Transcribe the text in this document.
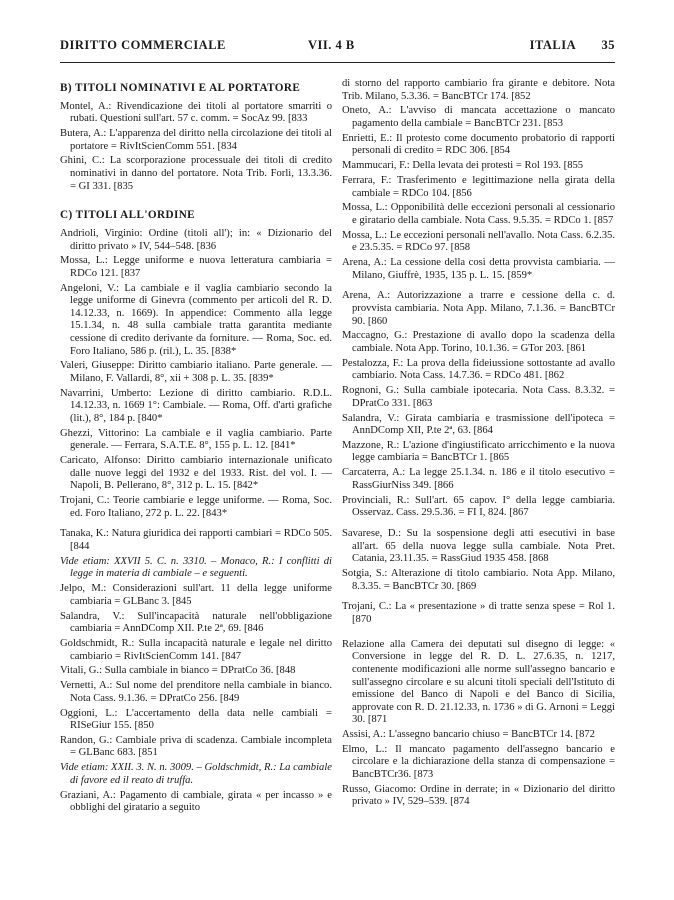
DIRITTO COMMERCIALE	VII. 4 B	ITALIA 35
B) TITOLI NOMINATIVI E AL PORTATORE
Montel, A.: Rivendicazione dei titoli al portatore smarriti o rubati. Questioni sull'art. 57 c. comm. = SocAz 99. [833
Butera, A.: L'apparenza del diritto nella circolazione dei titoli al portatore = RivItScienComm 551. [834
Ghini, C.: La scorporazione processuale dei titoli di credito nominativi in danno del portatore. Nota Trib. Forlì, 13.3.36. = GI 331. [835
C) TITOLI ALL'ORDINE
Andrioli, Virginio: Ordine (titoli all'); in: « Dizionario del diritto privato » IV, 544–548. [836
Mossa, L.: Legge uniforme e nuova letteratura cambiaria = RDCo 121. [837
Angeloni, V.: La cambiale e il vaglia cambiario secondo la legge uniforme di Ginevra (commento per articoli del R. D. 14.12.33, n. 1669). In appendice: Commento alla legge 15.1.34, n. 48 sulla cambiale tratta garantita mediante cessione di credito derivante da forniture. — Roma, Soc. ed. Foro Italiano, 586 p. (ril.), L. 35. [838*
Valeri, Giuseppe: Diritto cambiario italiano. Parte generale. — Milano, F. Vallardi, 8°, xii + 308 p. L. 35. [839*
Navarrini, Umberto: Lezione di diritto cambiario. R.D.L. 14.12.33, n. 1669 1°: Cambiale. — Roma, Off. d'arti grafiche (lit.), 8°, 184 p. [840*
Ghezzi, Vittorino: La cambiale e il vaglia cambiario. Parte generale. — Ferrara, S.A.T.E. 8°, 155 p. L. 12. [841*
Caricato, Alfonso: Diritto cambiario internazionale unificato dalle nuove leggi del 1932 e del 1933. Rist. del vol. I. — Napoli, B. Pellerano, 8°, 312 p. L. 15. [842*
Trojani, C.: Teorie cambiarie e legge uniforme. — Roma, Soc. ed. Foro Italiano, 272 p. L. 22. [843*
Tanaka, K.: Natura giuridica dei rapporti cambiari = RDCo 505. [844
Vide etiam: XXVII 5. C. n. 3310. – Monaco, R.: I conflitti di legge in materia di cambiale – e seguenti.
Jelpo, M.: Considerazioni sull'art. 11 della legge uniforme cambiaria = GLBanc 3. [845
Salandra, V.: Sull'incapacità naturale nell'obbligazione cambiaria = AnnDComp XII. P.te 2ª, 69. [846
Goldschmidt, R.: Sulla incapacità naturale e legale nel diritto cambiario = RivItScienComm 141. [847
Vitali, G.: Sulla cambiale in bianco = DPratCo 36. [848
Vernetti, A.: Sul nome del prenditore nella cambiale in bianco. Nota Cass. 9.1.36. = DPratCo 256. [849
Oggioni, L.: L'accertamento della data nelle cambiali = RISeGiur 155. [850
Randon, G.: Cambiale priva di scadenza. Cambiale incompleta = GLBanc 683. [851
Vide etiam: XXII. 3. N. n. 3009. – Goldschmidt, R.: La cambiale di favore ed il reato di truffa.
Graziani, A.: Pagamento di cambiale, girata « per incasso » e obblighi del giratario a seguito
di storno del rapporto cambiario fra girante e debitore. Nota Trib. Milano, 5.3.36. = BancBTCr 174. [852
Oneto, A.: L'avviso di mancata accettazione o mancato pagamento della cambiale = BancBTCr 231. [853
Enrietti, E.: Il protesto come documento probatorio di rapporti personali di credito = RDC 306. [854
Mammucari, F.: Della levata dei protesti = Rol 193. [855
Ferrara, F.: Trasferimento e legittimazione nella girata della cambiale = RDCo 104. [856
Mossa, L.: Opponibilità delle eccezioni personali al cessionario e giratario della cambiale. Nota Cass. 9.5.35. = RDCo 1. [857
Mossa, L.: Le eccezioni personali nell'avallo. Nota Cass. 6.2.35. e 23.5.35. = RDCo 97. [858
Arena, A.: La cessione della così detta provvista cambiaria. — Milano, Giuffrè, 1935, 135 p. L. 15. [859*
Arena, A.: Autorizzazione a trarre e cessione della c. d. provvista cambiaria. Nota App. Milano, 7.1.36. = BancBTCr 90. [860
Maccagno, G.: Prestazione di avallo dopo la scadenza della cambiale. Nota App. Torino, 10.1.36. = GTor 203. [861
Pestalozza, F.: La prova della fideiussione sottostante ad avallo cambiario. Nota Cass. 14.7.36. = RDCo 481. [862
Rognoni, G.: Sulla cambiale ipotecaria. Nota Cass. 8.3.32. = DPratCo 331. [863
Salandra, V.: Girata cambiaria e trasmissione dell'ipoteca = AnnDComp XII, P.te 2ª, 63. [864
Mazzone, R.: L'azione d'ingiustificato arricchimento e la nuova legge cambiaria = BancBTCr 1. [865
Carcaterra, A.: La legge 25.1.34. n. 186 e il titolo esecutivo = RassGiurNiss 349. [866
Provinciali, R.: Sull'art. 65 capov. I° della legge cambiaria. Osservaz. Cass. 29.5.36. = FI I, 824. [867
Savarese, D.: Su la sospensione degli atti esecutivi in base all'art. 65 della nuova legge sulla cambiale. Nota Pret. Catania, 23.11.35. = RassGiud 1935 458. [868
Sotgia, S.: Alterazione di titolo cambiario. Nota App. Milano, 8.3.35. = BancBTCr 30. [869
Trojani, C.: La « presentazione » di tratte senza spese = Rol 1. [870
Relazione alla Camera dei deputati sul disegno di legge: « Conversione in legge del R. D. L. 27.6.35, n. 1217, contenente modificazioni alle norme sull'assegno bancario e sull'assegno circolare e su alcuni titoli speciali dell'Istituto di emissione del Banco di Napoli e del Banco di Sicilia, approvate con R. D. 21.12.33, n. 1736 » di G. Arnoni = Leggi 30. [871
Assisi, A.: L'assegno bancario chiuso = BancBTCr 14. [872
Elmo, L.: Il mancato pagamento dell'assegno bancario e circolare e la dichiarazione della stanza di compensazione = BancBTCr36. [873
Russo, Giacomo: Ordine in derrate; in « Dizionario del diritto privato » IV, 529–539. [874
